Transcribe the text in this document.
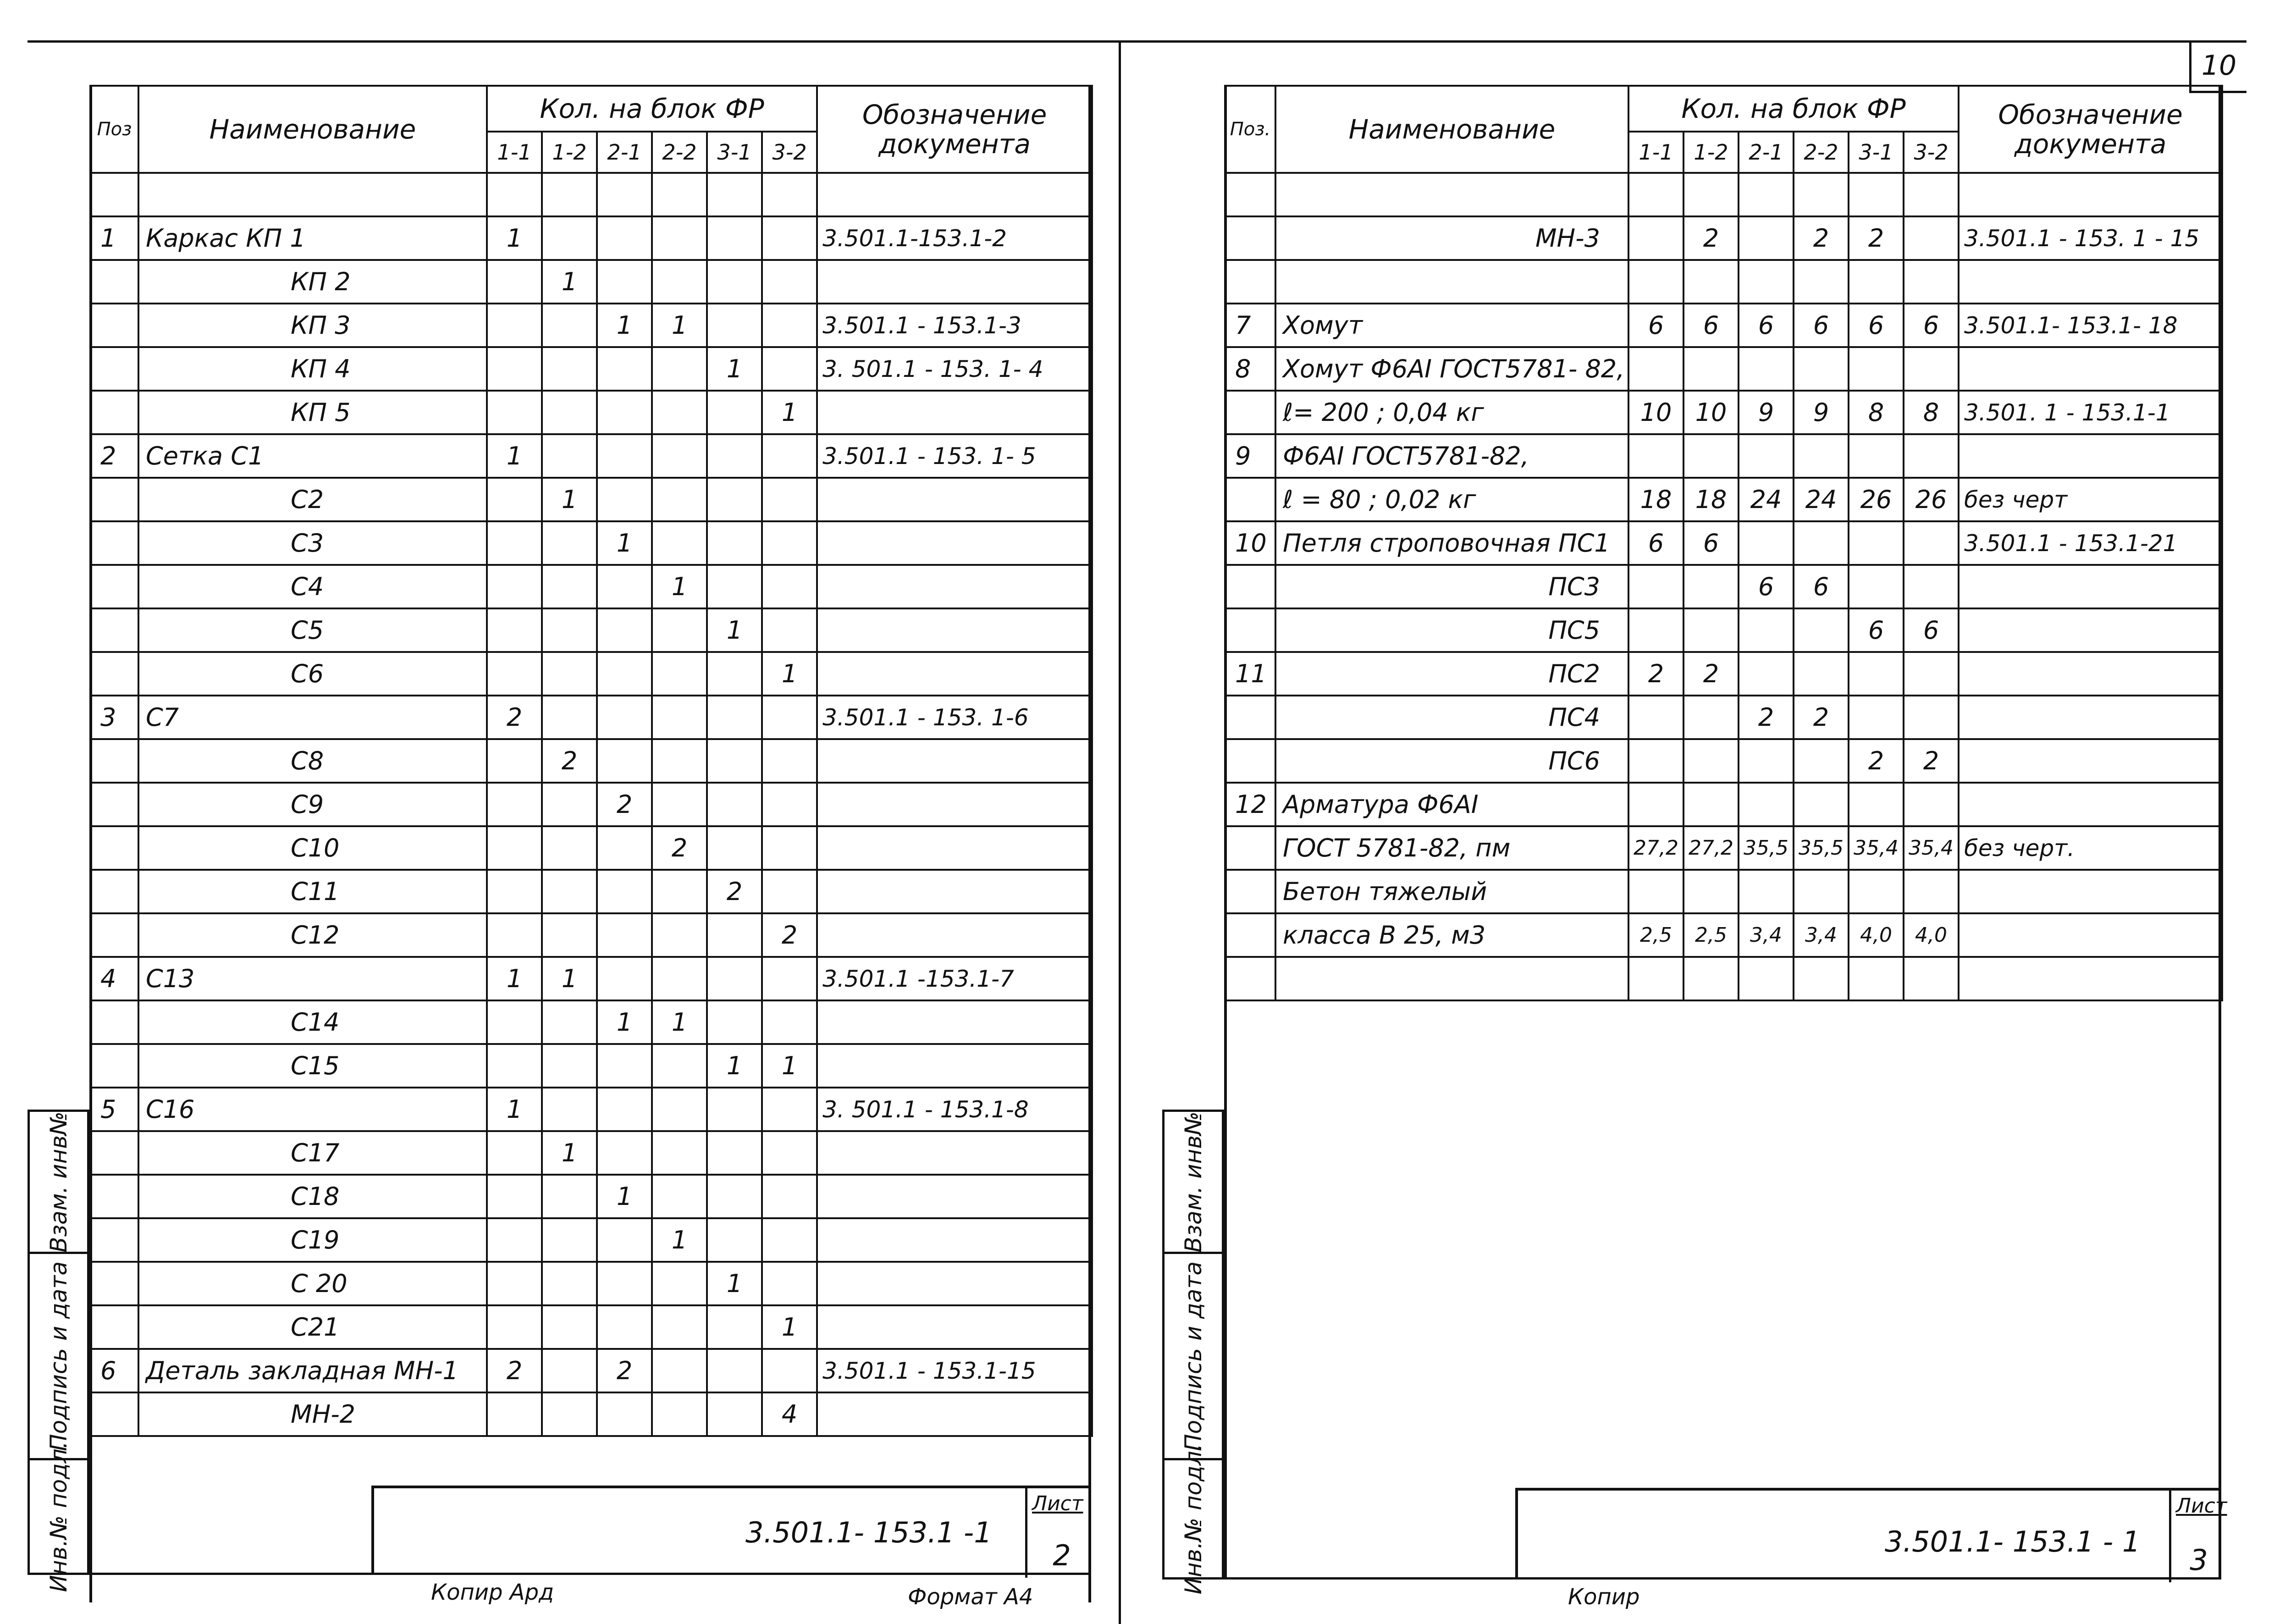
10
Поз	Наименование	Кол. на блок ФР						Обозначение документа
		1-1	1-2	2-1	2-2	3-1	3-2	

1	Каркас КП 1	1						3.501.1-153.1-2
	КП 2		1					
	КП 3			1	1			3.501.1 - 153.1-3
	КП 4					1		3. 501.1 - 153. 1- 4
	КП 5						1	
2	Сетка С1	1						3.501.1 - 153. 1- 5
	С2		1					
	С3			1				
	С4				1			
	С5					1		
	С6						1	
3	С7	2						3.501.1 - 153. 1-6
	С8		2					
	С9			2				
	С10				2			
	С11					2		
	С12						2	
4	С13	1	1					3.501.1 -153.1-7
	С14			1	1			
	С15					1	1	
5	С16	1						3. 501.1 - 153.1-8
	С17		1					
	С18			1				
	С19				1			
	С 20					1		
	С21						1	
6	Деталь закладная МН-1	2		2				3.501.1 - 153.1-15
	МН-2						4	
Взам. инв№
Подпись и дата
Инв.№ подл.	3.501.1- 153.1 -1
Лист
2
Копир Ард	Формат А4
Поз.	Наименование	Кол. на блок ФР						Обозначение документа
		1-1	1-2	2-1	2-2	3-1	3-2	

	МН-3		2		2	2		3.501.1 - 153. 1 - 15

7	Хомут	6	6	6	6	6	6	3.501.1- 153.1- 18
8	Хомут Ф6АI ГОСТ5781- 82,							
	ℓ= 200 ; 0,04 кг	10	10	9	9	8	8	3.501. 1 - 153.1-1
9	Ф6АI ГОСТ5781-82,							
	ℓ = 80 ; 0,02 кг	18	18	24	24	26	26	без черт
10	Петля строповочная ПС1	6	6					3.501.1 - 153.1-21
	ПС3			6	6			
	ПС5					6	6	
11	ПС2	2	2					
	ПС4			2	2			
	ПС6					2	2	
12	Арматура Ф6АI							
	ГОСТ 5781-82, пм	27,2	27,2	35,5	35,5	35,4	35,4	без черт.
	Бетон тяжелый							
	класса В 25, м3	2,5	2,5	3,4	3,4	4,0	4,0	

Взам. инв№
Подпись и дата
Инв.№ подл.	3.501.1- 153.1 - 1
Лист
3
Копир
